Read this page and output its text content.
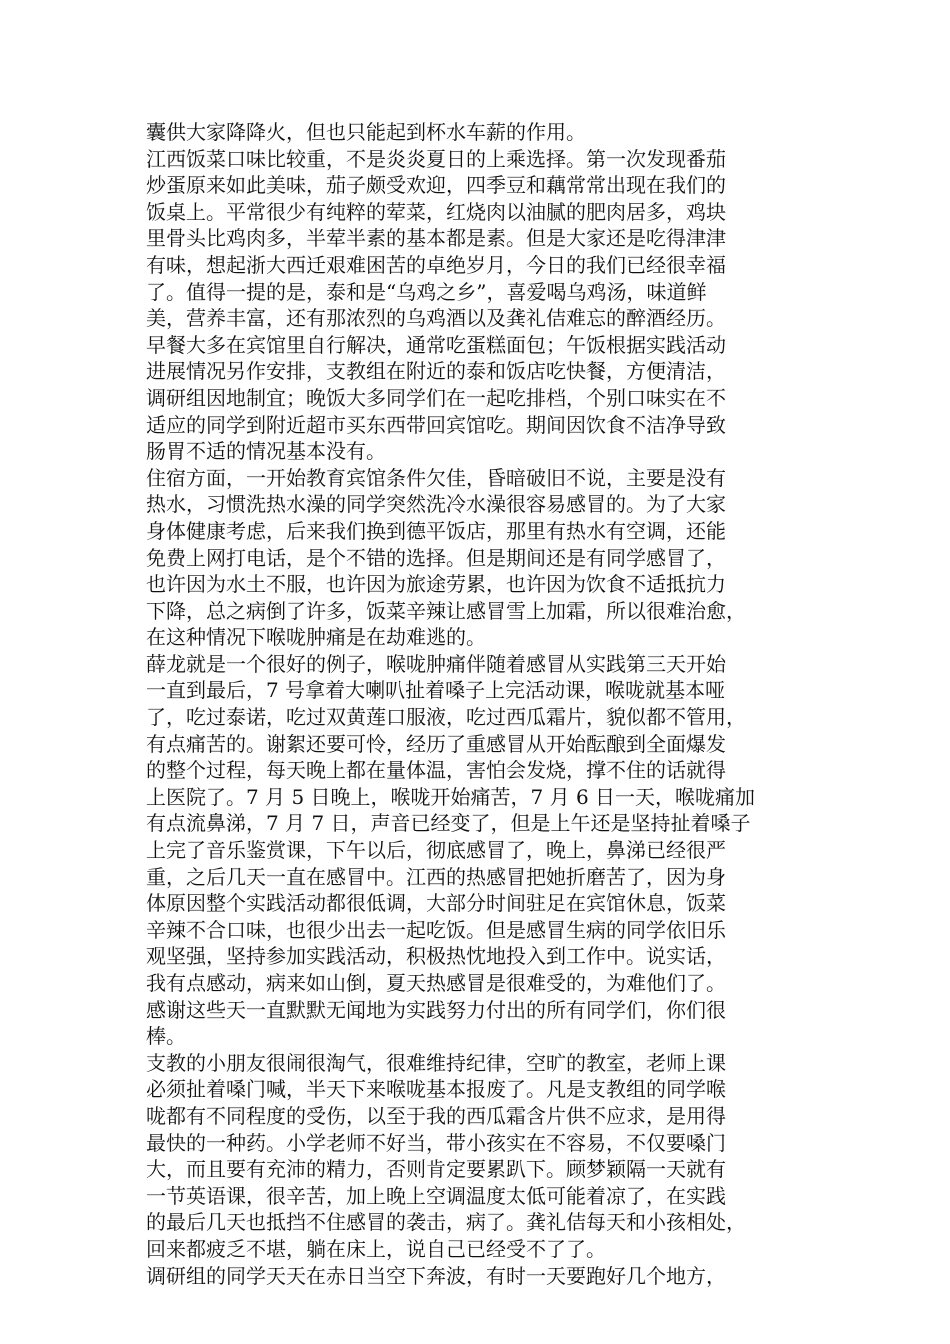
囊供大家降降火，但也只能起到杯水车薪的作用。
江西饭菜口味比较重，不是炎炎夏日的上乘选择。第一次发现番茄
炒蛋原来如此美味，茄子颇受欢迎，四季豆和藕常常出现在我们的
饭桌上。平常很少有纯粹的荤菜，红烧肉以油腻的肥肉居多，鸡块
里骨头比鸡肉多，半荤半素的基本都是素。但是大家还是吃得津津
有味，想起浙大西迁艰难困苦的卓绝岁月，今日的我们已经很幸福
了。值得一提的是，泰和是“乌鸡之乡”，喜爱喝乌鸡汤，味道鲜
美，营养丰富，还有那浓烈的乌鸡酒以及龚礼佶难忘的醉酒经历。
早餐大多在宾馆里自行解决，通常吃蛋糕面包；午饭根据实践活动
进展情况另作安排，支教组在附近的泰和饭店吃快餐，方便清洁，
调研组因地制宜；晚饭大多同学们在一起吃排档，个别口味实在不
适应的同学到附近超市买东西带回宾馆吃。期间因饮食不洁净导致
肠胃不适的情况基本没有。
住宿方面，一开始教育宾馆条件欠佳，昏暗破旧不说，主要是没有
热水，习惯洗热水澡的同学突然洗冷水澡很容易感冒的。为了大家
身体健康考虑，后来我们换到德平饭店，那里有热水有空调，还能
免费上网打电话，是个不错的选择。但是期间还是有同学感冒了，
也许因为水土不服，也许因为旅途劳累，也许因为饮食不适抵抗力
下降，总之病倒了许多，饭菜辛辣让感冒雪上加霜，所以很难治愈，
在这种情况下喉咙肿痛是在劫难逃的。
薛龙就是一个很好的例子，喉咙肿痛伴随着感冒从实践第三天开始
一直到最后，7 号拿着大喇叭扯着嗓子上完活动课，喉咙就基本哑
了，吃过泰诺，吃过双黄莲口服液，吃过西瓜霜片，貌似都不管用，
有点痛苦的。谢絮还要可怜，经历了重感冒从开始酝酿到全面爆发
的整个过程，每天晚上都在量体温，害怕会发烧，撑不住的话就得
上医院了。7 月 5 日晚上，喉咙开始痛苦，7 月 6 日一天，喉咙痛加
有点流鼻涕，7 月 7 日，声音已经变了，但是上午还是坚持扯着嗓子
上完了音乐鉴赏课，下午以后，彻底感冒了，晚上，鼻涕已经很严
重，之后几天一直在感冒中。江西的热感冒把她折磨苦了，因为身
体原因整个实践活动都很低调，大部分时间驻足在宾馆休息，饭菜
辛辣不合口味，也很少出去一起吃饭。但是感冒生病的同学依旧乐
观坚强，坚持参加实践活动，积极热忱地投入到工作中。说实话，
我有点感动，病来如山倒，夏天热感冒是很难受的，为难他们了。
感谢这些天一直默默无闻地为实践努力付出的所有同学们，你们很
棒。
支教的小朋友很闹很淘气，很难维持纪律，空旷的教室，老师上课
必须扯着嗓门喊，半天下来喉咙基本报废了。凡是支教组的同学喉
咙都有不同程度的受伤，以至于我的西瓜霜含片供不应求，是用得
最快的一种药。小学老师不好当，带小孩实在不容易，不仅要嗓门
大，而且要有充沛的精力，否则肯定要累趴下。顾梦颖隔一天就有
一节英语课，很辛苦，加上晚上空调温度太低可能着凉了，在实践
的最后几天也抵挡不住感冒的袭击，病了。龚礼佶每天和小孩相处，
回来都疲乏不堪，躺在床上，说自己已经受不了了。
调研组的同学天天在赤日当空下奔波，有时一天要跑好几个地方，
